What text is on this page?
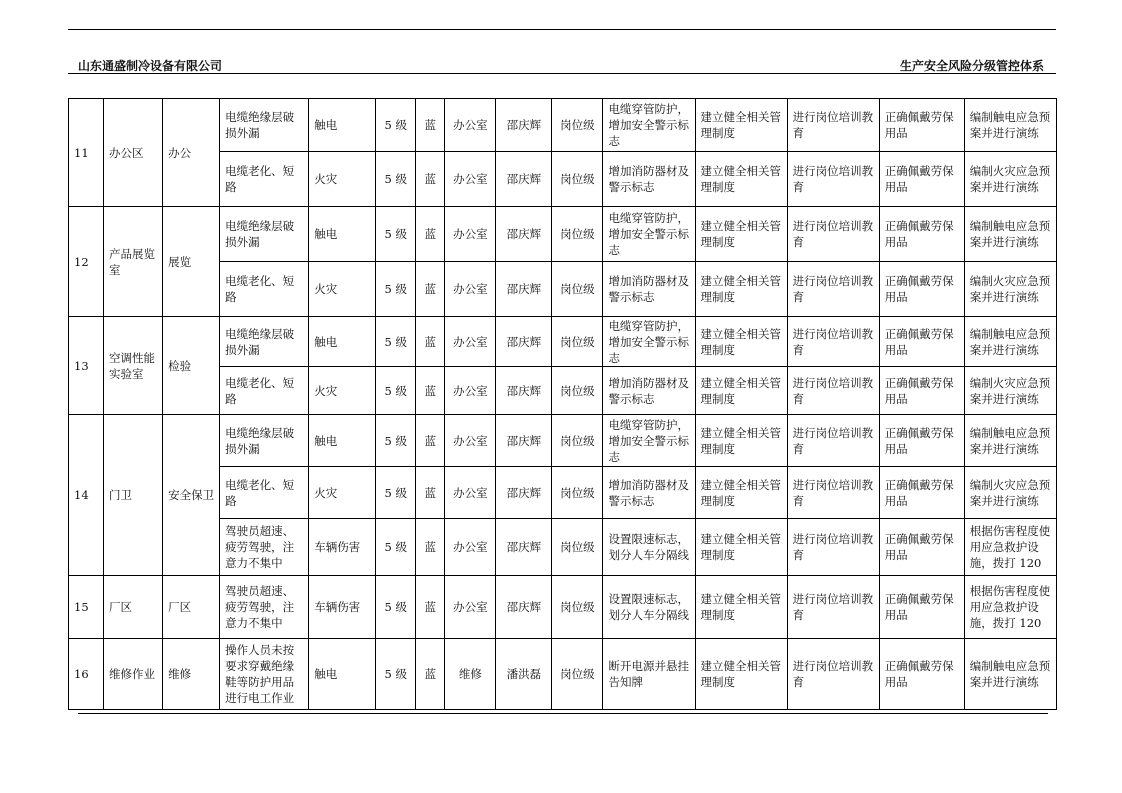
山东通盛制冷设备有限公司	生产安全风险分级管控体系
11	办公区	办公	电缆绝缘层破损外漏	触电	5 级	蓝	办公室	邵庆辉	岗位级	电缆穿管防护，增加安全警示标志	建立健全相关管理制度	进行岗位培训教育	正确佩戴劳保用品	编制触电应急预案并进行演练
			电缆老化、短路	火灾	5 级	蓝	办公室	邵庆辉	岗位级	增加消防器材及警示标志	建立健全相关管理制度	进行岗位培训教育	正确佩戴劳保用品	编制火灾应急预案并进行演练
12	产品展览室	展览	电缆绝缘层破损外漏	触电	5 级	蓝	办公室	邵庆辉	岗位级	电缆穿管防护，增加安全警示标志	建立健全相关管理制度	进行岗位培训教育	正确佩戴劳保用品	编制触电应急预案并进行演练
			电缆老化、短路	火灾	5 级	蓝	办公室	邵庆辉	岗位级	增加消防器材及警示标志	建立健全相关管理制度	进行岗位培训教育	正确佩戴劳保用品	编制火灾应急预案并进行演练
13	空调性能实验室	检验	电缆绝缘层破损外漏	触电	5 级	蓝	办公室	邵庆辉	岗位级	电缆穿管防护，增加安全警示标志	建立健全相关管理制度	进行岗位培训教育	正确佩戴劳保用品	编制触电应急预案并进行演练
			电缆老化、短路	火灾	5 级	蓝	办公室	邵庆辉	岗位级	增加消防器材及警示标志	建立健全相关管理制度	进行岗位培训教育	正确佩戴劳保用品	编制火灾应急预案并进行演练
14	门卫	安全保卫	电缆绝缘层破损外漏	触电	5 级	蓝	办公室	邵庆辉	岗位级	电缆穿管防护，增加安全警示标志	建立健全相关管理制度	进行岗位培训教育	正确佩戴劳保用品	编制触电应急预案并进行演练
			电缆老化、短路	火灾	5 级	蓝	办公室	邵庆辉	岗位级	增加消防器材及警示标志	建立健全相关管理制度	进行岗位培训教育	正确佩戴劳保用品	编制火灾应急预案并进行演练
			驾驶员超速、疲劳驾驶，注意力不集中	车辆伤害	5 级	蓝	办公室	邵庆辉	岗位级	设置限速标志，划分人车分隔线	建立健全相关管理制度	进行岗位培训教育	正确佩戴劳保用品	根据伤害程度使用应急救护设施，拨打 120
15	厂区	厂区	驾驶员超速、疲劳驾驶，注意力不集中	车辆伤害	5 级	蓝	办公室	邵庆辉	岗位级	设置限速标志，划分人车分隔线	建立健全相关管理制度	进行岗位培训教育	正确佩戴劳保用品	根据伤害程度使用应急救护设施，拨打 120
16	维修作业	维修	操作人员未按要求穿戴绝缘鞋等防护用品进行电工作业	触电	5 级	蓝	维修	潘洪磊	岗位级	断开电源并悬挂告知牌	建立健全相关管理制度	进行岗位培训教育	正确佩戴劳保用品	编制触电应急预案并进行演练
